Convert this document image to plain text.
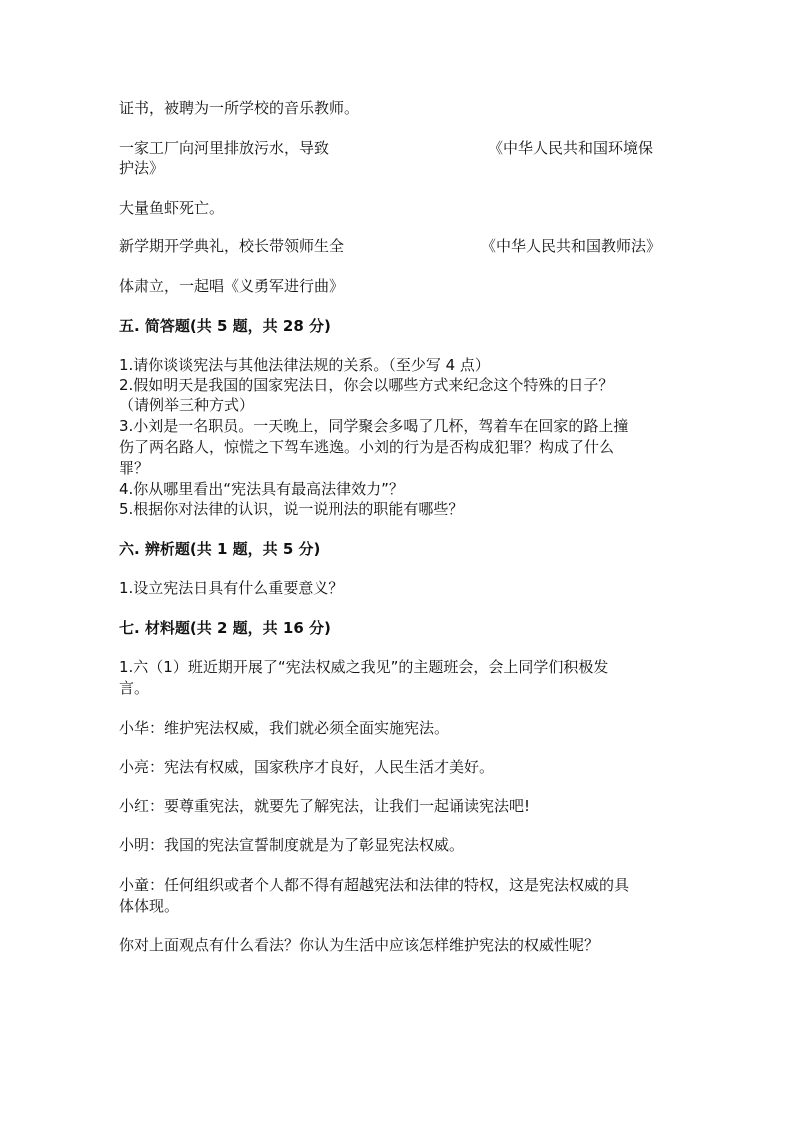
证书，被聘为一所学校的音乐教师。
一家工厂向河里排放污水，导致	《中华人民共和国环境保
护法》
大量鱼虾死亡。
新学期开学典礼，校长带领师生全	《中华人民共和国教师法》
体肃立，一起唱《义勇军进行曲》
五. 简答题(共 5 题，共 28 分)
1.请你谈谈宪法与其他法律法规的关系。（至少写 4 点）
2.假如明天是我国的国家宪法日，你会以哪些方式来纪念这个特殊的日子？
（请例举三种方式）
3.小刘是一名职员。一天晚上，同学聚会多喝了几杯，驾着车在回家的路上撞
伤了两名路人，惊慌之下驾车逃逸。小刘的行为是否构成犯罪？构成了什么
罪？
4.你从哪里看出“宪法具有最高法律效力”？
5.根据你对法律的认识，说一说刑法的职能有哪些？
六. 辨析题(共 1 题，共 5 分)
1.设立宪法日具有什么重要意义？
七. 材料题(共 2 题，共 16 分)
1.六（1）班近期开展了“宪法权威之我见”的主题班会，会上同学们积极发
言。
小华：维护宪法权威，我们就必须全面实施宪法。
小亮：宪法有权威，国家秩序才良好，人民生活才美好。
小红：要尊重宪法，就要先了解宪法，让我们一起诵读宪法吧!
小明：我国的宪法宣誓制度就是为了彰显宪法权威。
小童：任何组织或者个人都不得有超越宪法和法律的特权，这是宪法权威的具
体体现。
你对上面观点有什么看法？你认为生活中应该怎样维护宪法的权威性呢？
